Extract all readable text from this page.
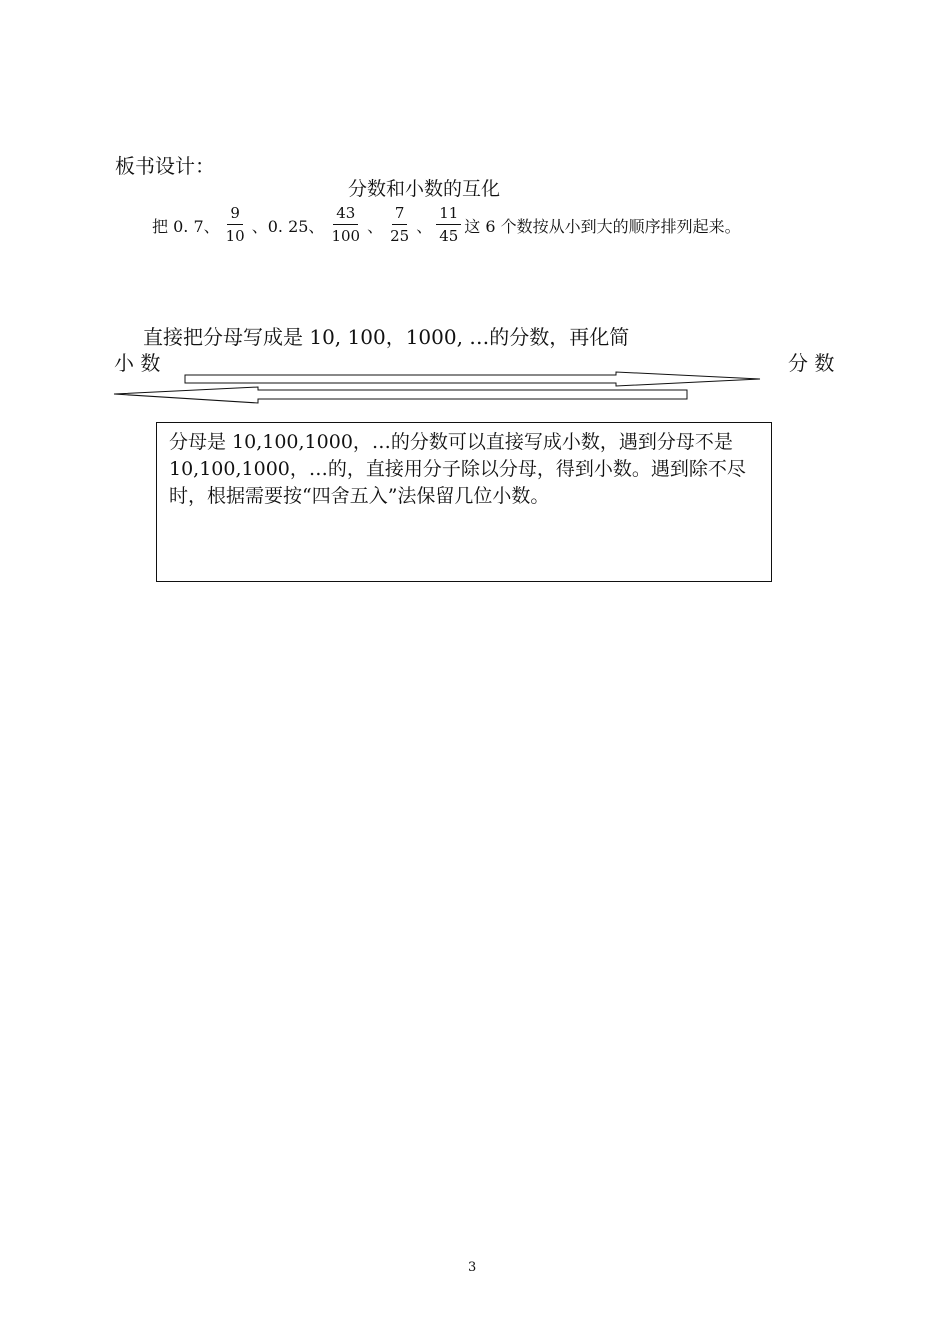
板书设计：
分数和小数的互化
把 0. 7、 $\frac{9}{10}$ 、0. 25、 $\frac{43}{100}$ 、 $\frac{7}{25}$ 、 $\frac{11}{45}$ 这 6 个数按从小到大的顺序排列起来。
直接把分母写成是 10, 100，1000, …的分数，再化简
小 数	分 数
分母是 10,100,1000，…的分数可以直接写成小数，遇到分母不是 10,100,1000，…的，直接用分子除以分母，得到小数。遇到除不尽时，根据需要按“四舍五入”法保留几位小数。
3
